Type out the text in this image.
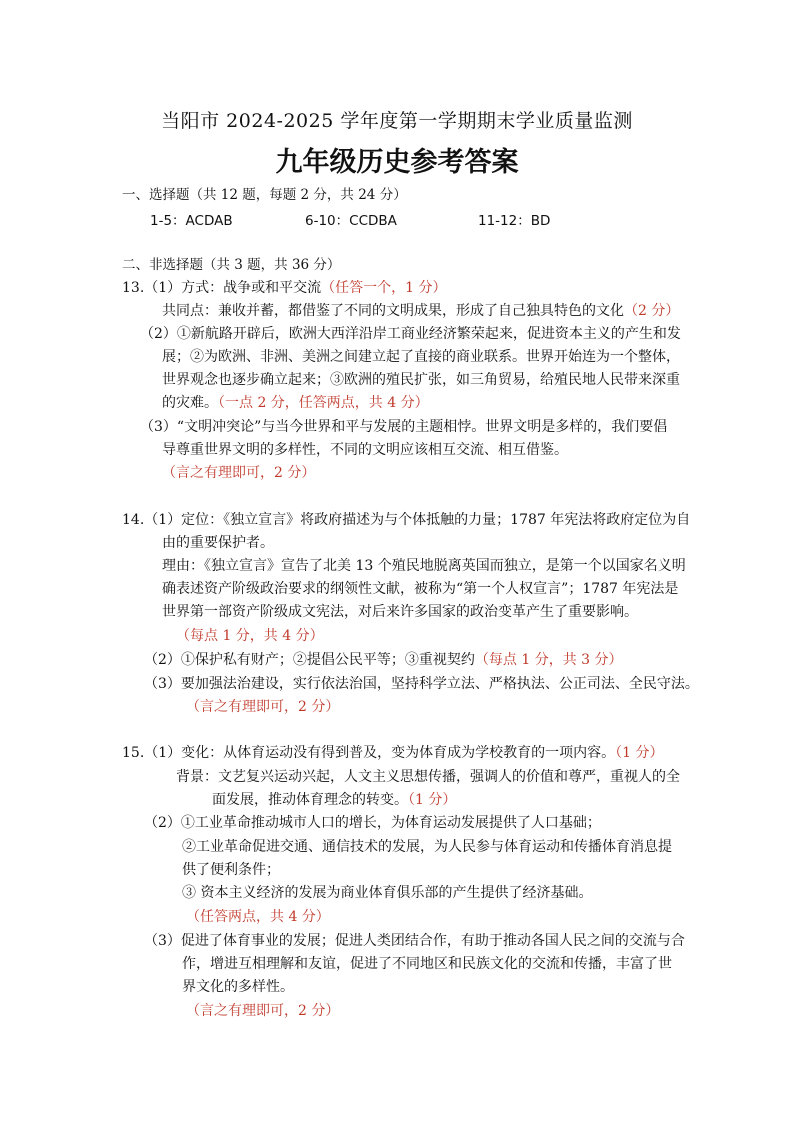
当阳市 2024-2025 学年度第一学期期末学业质量监测
九年级历史参考答案
一、选择题（共 12 题，每题 2 分，共 24 分）
1-5：ACDAB	6-10：CCDBA	11-12：BD
二、非选择题（共 3 题，共 36 分）
13.（1）方式：战争或和平交流（任答一个，1 分）
共同点：兼收并蓄，都借鉴了不同的文明成果，形成了自己独具特色的文化（2 分）
（2）①新航路开辟后，欧洲大西洋沿岸工商业经济繁荣起来，促进资本主义的产生和发
展；②为欧洲、非洲、美洲之间建立起了直接的商业联系。世界开始连为一个整体，
世界观念也逐步确立起来；③欧洲的殖民扩张，如三角贸易，给殖民地人民带来深重
的灾难。（一点 2 分，任答两点，共 4 分）
（3）“文明冲突论”与当今世界和平与发展的主题相悖。世界文明是多样的，我们要倡
导尊重世界文明的多样性，不同的文明应该相互交流、相互借鉴。
（言之有理即可，2 分）
14.（1）定位：《独立宣言》将政府描述为与个体抵触的力量；1787 年宪法将政府定位为自
由的重要保护者。
理由：《独立宣言》宣告了北美 13 个殖民地脱离英国而独立，是第一个以国家名义明
确表述资产阶级政治要求的纲领性文献，被称为“第一个人权宣言”；1787 年宪法是
世界第一部资产阶级成文宪法，对后来许多国家的政治变革产生了重要影响。
（每点 1 分，共 4 分）
（2）①保护私有财产；②提倡公民平等；③重视契约（每点 1 分，共 3 分）
（3）要加强法治建设，实行依法治国，坚持科学立法、严格执法、公正司法、全民守法。
（言之有理即可，2 分）
15.（1）变化：从体育运动没有得到普及，变为体育成为学校教育的一项内容。（1 分）
背景：文艺复兴运动兴起，人文主义思想传播，强调人的价值和尊严，重视人的全
面发展，推动体育理念的转变。（1 分）
（2）①工业革命推动城市人口的增长，为体育运动发展提供了人口基础；
②工业革命促进交通、通信技术的发展，为人民参与体育运动和传播体育消息提
供了便利条件；
③ 资本主义经济的发展为商业体育俱乐部的产生提供了经济基础。
（任答两点，共 4 分）
（3）促进了体育事业的发展；促进人类团结合作，有助于推动各国人民之间的交流与合
作，增进互相理解和友谊，促进了不同地区和民族文化的交流和传播，丰富了世
界文化的多样性。
（言之有理即可，2 分）
